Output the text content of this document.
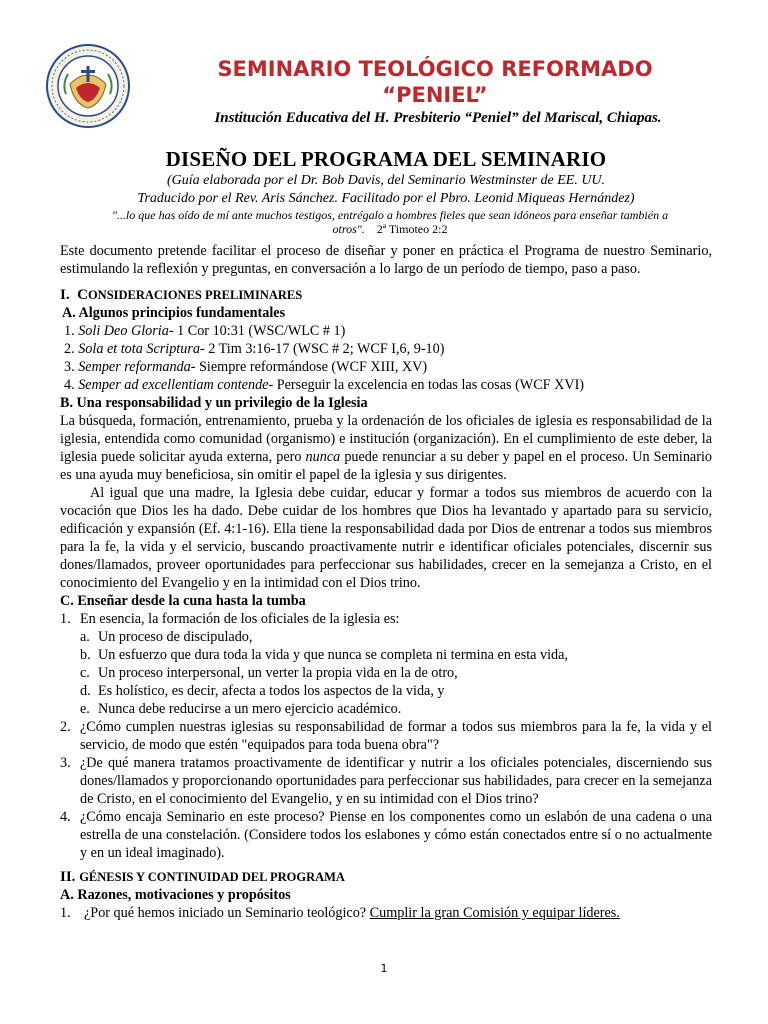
SEMINARIO TEOLÓGICO REFORMADO
“PENIEL”
Institución Educativa del H. Presbiterio “Peniel” del Mariscal, Chiapas.
DISEÑO DEL PROGRAMA DEL SEMINARIO
(Guía elaborada por el Dr. Bob Davis, del Seminario Westminster de EE. UU.
Traducido por el Rev. Aris Sánchez. Facilitado por el Pbro. Leonid Miqueas Hernández)
"...lo que has oído de mí ante muchos testigos, entrégalo a hombres fieles que sean idóneos para enseñar también a otros". 2ª Timoteo 2:2

Este documento pretende facilitar el proceso de diseñar y poner en práctica el Programa de nuestro Seminario, estimulando la reflexión y preguntas, en conversación a lo largo de un período de tiempo, paso a paso.

I. CONSIDERACIONES PRELIMINARES

A. Algunos principios fundamentales

1. Soli Deo Gloria- 1 Cor 10:31 (WSC/WLC # 1)

2. Sola et tota Scriptura- 2 Tim 3:16-17 (WSC # 2; WCF I,6, 9-10)

3. Semper reformanda- Siempre reformándose (WCF XIII, XV)

4. Semper ad excellentiam contende- Perseguir la excelencia en todas las cosas (WCF XVI)

B. Una responsabilidad y un privilegio de la Iglesia

La búsqueda, formación, entrenamiento, prueba y la ordenación de los oficiales de iglesia es responsabilidad de la iglesia, entendida como comunidad (organismo) e institución (organización). En el cumplimiento de este deber, la iglesia puede solicitar ayuda externa, pero nunca puede renunciar a su deber y papel en el proceso. Un Seminario es una ayuda muy beneficiosa, sin omitir el papel de la iglesia y sus dirigentes.

Al igual que una madre, la Iglesia debe cuidar, educar y formar a todos sus miembros de acuerdo con la vocación que Dios les ha dado. Debe cuidar de los hombres que Dios ha levantado y apartado para su servicio, edificación y expansión (Ef. 4:1-16). Ella tiene la responsabilidad dada por Dios de entrenar a todos sus miembros para la fe, la vida y el servicio, buscando proactivamente nutrir e identificar oficiales potenciales, discernir sus dones/llamados, proveer oportunidades para perfeccionar sus habilidades, crecer en la semejanza a Cristo, en el conocimiento del Evangelio y en la intimidad con el Dios trino.

C. Enseñar desde la cuna hasta la tumba

1. En esencia, la formación de los oficiales de la iglesia es:
a. Un proceso de discipulado,
b. Un esfuerzo que dura toda la vida y que nunca se completa ni termina en esta vida,
c. Un proceso interpersonal, un verter la propia vida en la de otro,
d. Es holístico, es decir, afecta a todos los aspectos de la vida, y
e. Nunca debe reducirse a un mero ejercicio académico.
2. ¿Cómo cumplen nuestras iglesias su responsabilidad de formar a todos sus miembros para la fe, la vida y el servicio, de modo que estén "equipados para toda buena obra"?
3. ¿De qué manera tratamos proactivamente de identificar y nutrir a los oficiales potenciales, discerniendo sus dones/llamados y proporcionando oportunidades para perfeccionar sus habilidades, para crecer en la semejanza de Cristo, en el conocimiento del Evangelio, y en su intimidad con el Dios trino?
4. ¿Cómo encaja Seminario en este proceso? Piense en los componentes como un eslabón de una cadena o una estrella de una constelación. (Considere todos los eslabones y cómo están conectados entre sí o no actualmente y en un ideal imaginado).

II. GÉNESIS Y CONTINUIDAD DEL PROGRAMA

A. Razones, motivaciones y propósitos

1. ¿Por qué hemos iniciado un Seminario teológico? Cumplir la gran Comisión y equipar líderes.
1
